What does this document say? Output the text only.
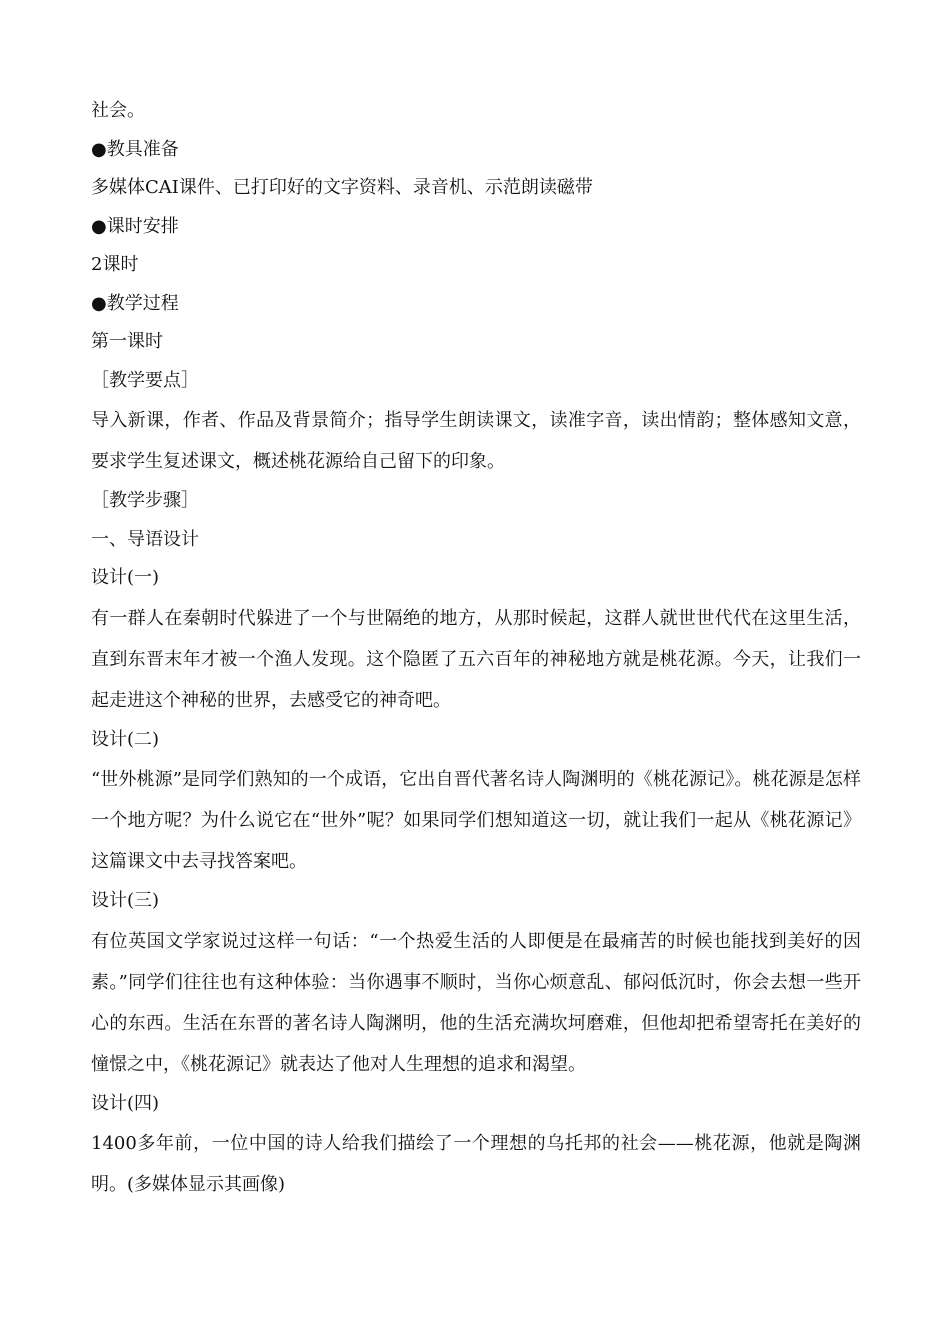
社会。
●教具准备
多媒体CAI课件、已打印好的文字资料、录音机、示范朗读磁带
●课时安排
2课时
●教学过程
第一课时
［教学要点］
导入新课，作者、作品及背景简介；指导学生朗读课文，读准字音，读出情韵；整体感知文意，要求学生复述课文，概述桃花源给自己留下的印象。
［教学步骤］
一、导语设计
设计(一)
有一群人在秦朝时代躲进了一个与世隔绝的地方，从那时候起，这群人就世世代代在这里生活，直到东晋末年才被一个渔人发现。这个隐匿了五六百年的神秘地方就是桃花源。今天，让我们一起走进这个神秘的世界，去感受它的神奇吧。
设计(二)
“世外桃源”是同学们熟知的一个成语，它出自晋代著名诗人陶渊明的《桃花源记》。桃花源是怎样一个地方呢？为什么说它在“世外”呢？如果同学们想知道这一切，就让我们一起从《桃花源记》这篇课文中去寻找答案吧。
设计(三)
有位英国文学家说过这样一句话：“一个热爱生活的人即便是在最痛苦的时候也能找到美好的因素。”同学们往往也有这种体验：当你遇事不顺时，当你心烦意乱、郁闷低沉时，你会去想一些开心的东西。生活在东晋的著名诗人陶渊明，他的生活充满坎坷磨难，但他却把希望寄托在美好的憧憬之中，《桃花源记》就表达了他对人生理想的追求和渴望。
设计(四)
1400多年前，一位中国的诗人给我们描绘了一个理想的乌托邦的社会——桃花源，他就是陶渊明。(多媒体显示其画像)
